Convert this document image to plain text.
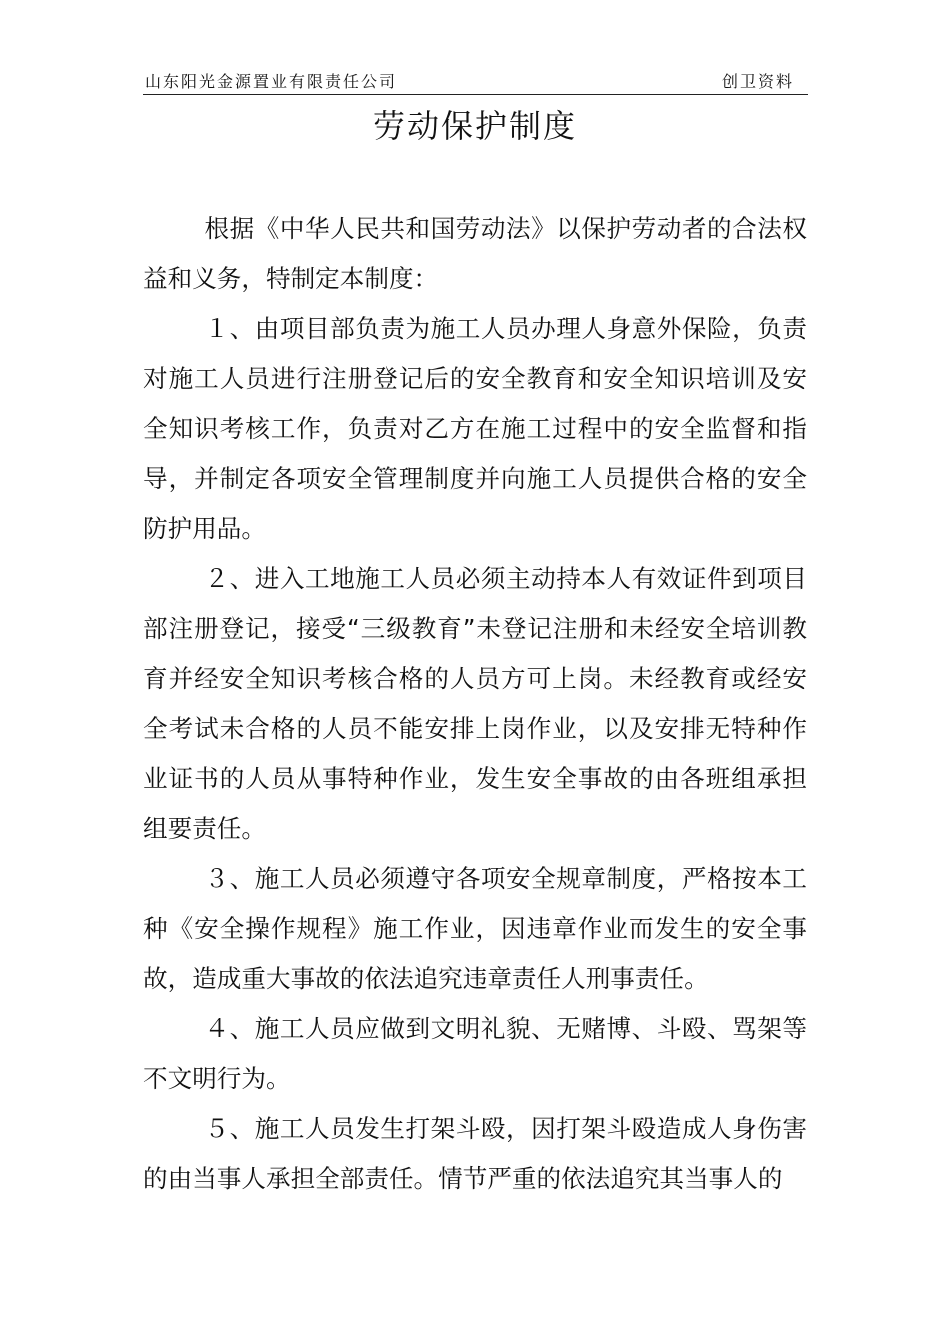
山东阳光金源置业有限责任公司	创卫资料
劳动保护制度

根据《中华人民共和国劳动法》以保护劳动者的合法权益和义务，特制定本制度：

１、由项目部负责为施工人员办理人身意外保险，负责对施工人员进行注册登记后的安全教育和安全知识培训及安全知识考核工作，负责对乙方在施工过程中的安全监督和指导，并制定各项安全管理制度并向施工人员提供合格的安全防护用品。

２、进入工地施工人员必须主动持本人有效证件到项目部注册登记，接受“三级教育”未登记注册和未经安全培训教育并经安全知识考核合格的人员方可上岗。未经教育或经安全考试未合格的人员不能安排上岗作业，以及安排无特种作业证书的人员从事特种作业，发生安全事故的由各班组承担组要责任。

３、施工人员必须遵守各项安全规章制度，严格按本工种《安全操作规程》施工作业，因违章作业而发生的安全事故，造成重大事故的依法追究违章责任人刑事责任。

４、施工人员应做到文明礼貌、无赌博、斗殴、骂架等不文明行为。

５、施工人员发生打架斗殴，因打架斗殴造成人身伤害的由当事人承担全部责任。情节严重的依法追究其当事人的
